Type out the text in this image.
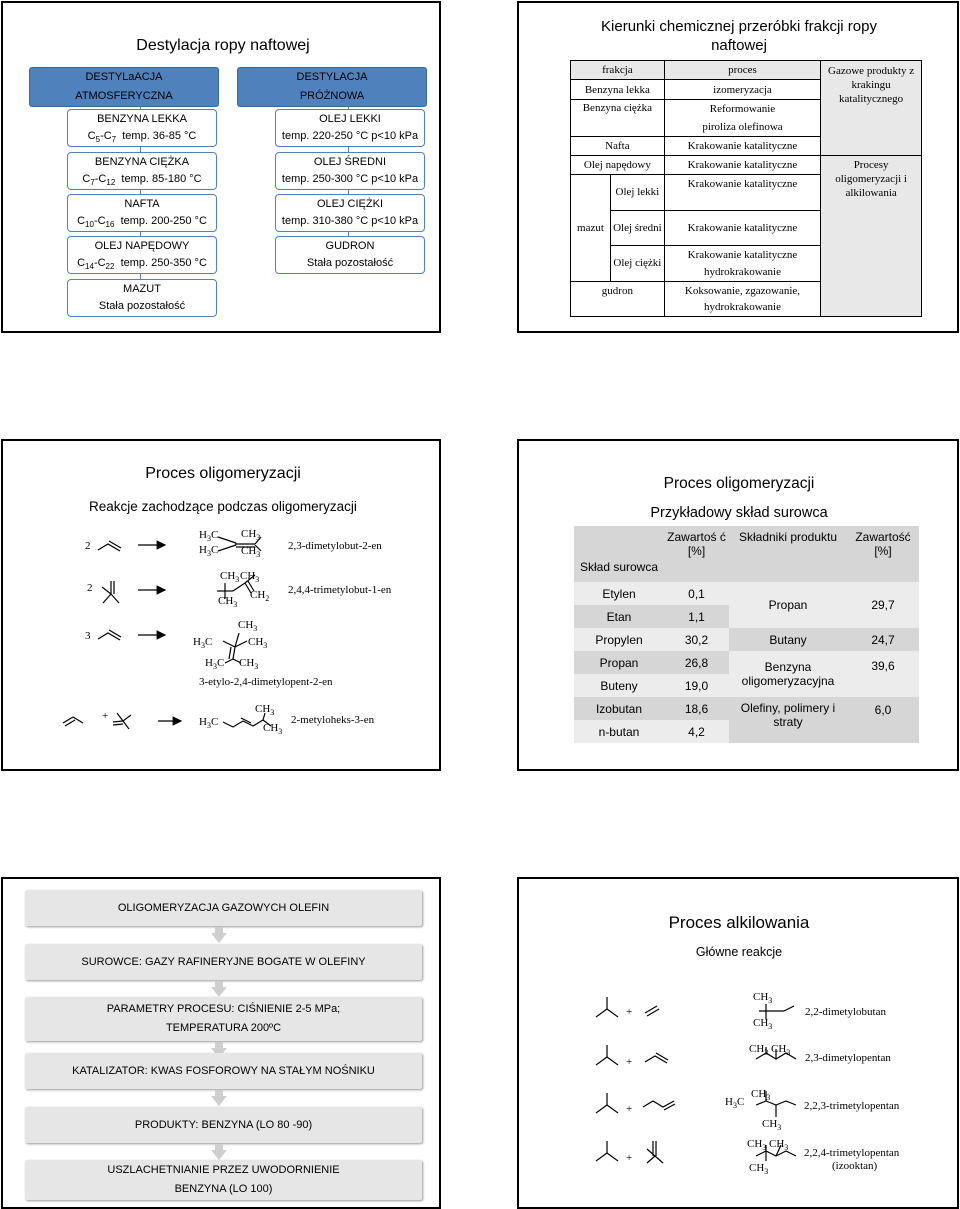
Destylacja ropy naftowej
DESTYLaACJA
ATMOSFERYCZNA
DESTYLACJA
PRÓŻNOWA
BENZYNA LEKKA
$C_5-C_7$  temp. 36-85 °C
BENZYNA CIĘŻKA
$C_7-C_{12}$  temp. 85-180 °C
NAFTA
$C_{10}-C_{16}$  temp. 200-250 °C
OLEJ NAPĘDOWY
$C_{14}-C_{22}$  temp. 250-350 °C
MAZUT
Stała pozostałość
OLEJ LEKKI
temp. 220-250 °C p<10 kPa
OLEJ ŚREDNI
temp. 250-300 °C p<10 kPa
OLEJ CIĘŻKI
temp. 310-380 °C p<10 kPa
GUDRON
Stała pozostałość
Kierunki chemicznej przeróbki frakcji ropy naftowej
frakcja		proces	Gazowe produkty z krakingu katalitycznego
Benzyna lekka		izomeryzacja	
Benzyna ciężka		Reformowanie
piroliza olefinowa	

Nafta		Krakowanie katalityczne	
Olej napędowy		Krakowanie katalityczne	Procesy oligomeryzacji i alkilowania
mazut	Olej lekki	Krakowanie katalityczne	
	Olej średni	Krakowanie katalityczne	
	Olej ciężki	Krakowanie katalityczne
hydrokrakowanie	

gudron		Koksowanie, zgazowanie,
hydrokrakowanie	
Proces oligomeryzacji
Reakcje zachodzące podczas oligomeryzacji
2
2
3
+
$H_3C$
$H_3C$
$CH_3$
$CH_3$
2,3-dimetylobut-2-en
$CH_3$ $CH_3$
$CH_3$
$CH_2$
2,4,4-trimetylobut-1-en
$CH_3$
$H_3C$	$CH_3$
$H_3C$ $CH_3$
3-etylo-2,4-dimetylopent-2-en
$H_3C$
$CH_3$
$CH_3$
2-metyloheks-3-en
Proces oligomeryzacji
Przykładowy skład surowca
Skład surowca	Zawartoś ć [%]	Składniki produktu	Zawartość [%]
Etylen	0,1	Propan	29,7
Etan	1,1		
Propylen	30,2	Butany	24,7
Propan	26,8	Benzyna oligomeryzacyjna	39,6
Buteny	19,0		
Izobutan	18,6	Olefiny, polimery i straty	6,0
n-butan	4,2		
OLIGOMERYZACJA GAZOWYCH OLEFIN
SUROWCE: GAZY RAFINERYJNE BOGATE W OLEFINY
PARAMETRY PROCESU: CIŚNIENIE 2-5 MPa;
TEMPERATURA 200ºC
KATALIZATOR: KWAS FOSFOROWY NA STAŁYM NOŚNIKU
PRODUKTY: BENZYNA (LO 80 -90)
USZLACHETNIANIE PRZEZ UWODORNIENIE
BENZYNA (LO 100)
Proces alkilowania
Główne reakcje
+
+
+
+
$CH_3$
$CH_3$
2,2-dimetylobutan
$CH_3$ $CH_3$ 2,3-dimetylopentan
$H_3C$
$CH_3$
$CH_3$
2,2,3-trimetylopentan
$CH_3$ $CH_3$
$CH_3$
2,2,4-trimetylopentan
(izooktan)
